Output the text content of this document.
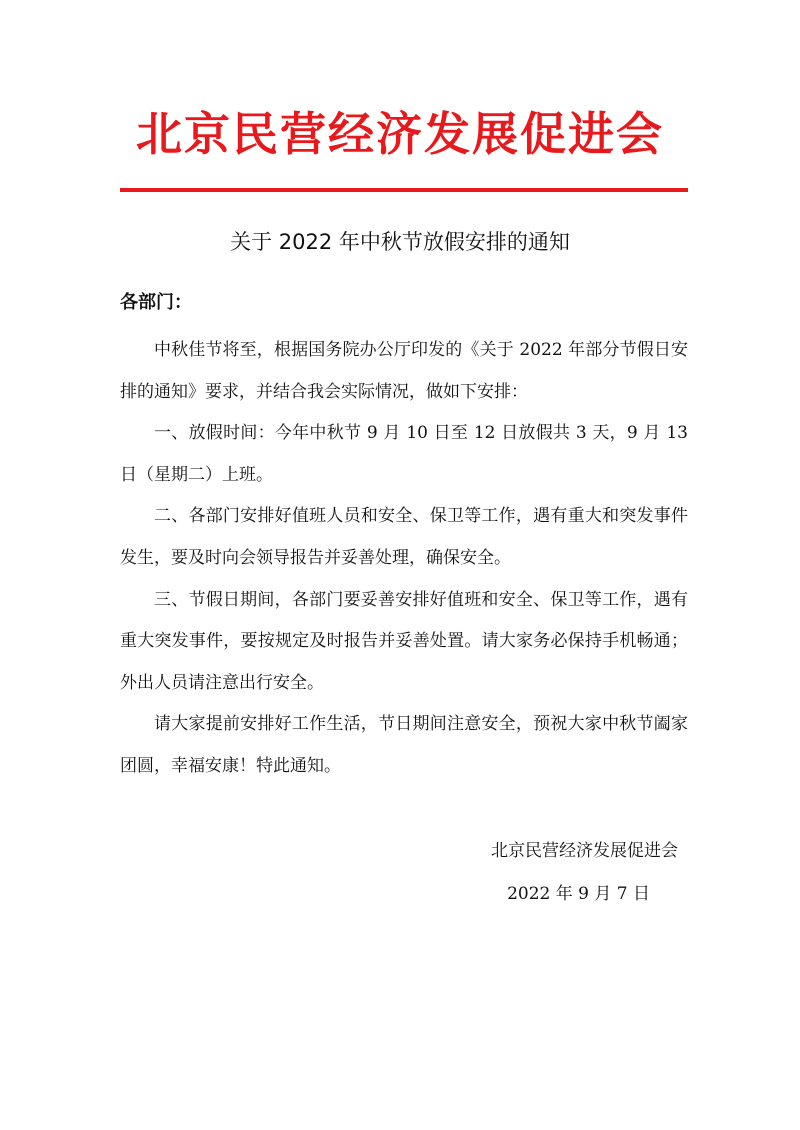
北京民营经济发展促进会
关于 2022 年中秋节放假安排的通知
各部门：

中秋佳节将至，根据国务院办公厅印发的《关于 2022 年部分节假日安排的通知》要求，并结合我会实际情况，做如下安排：

一、放假时间：今年中秋节 9 月 10 日至 12 日放假共 3 天，9 月 13 日（星期二）上班。

二、各部门安排好值班人员和安全、保卫等工作，遇有重大和突发事件发生，要及时向会领导报告并妥善处理，确保安全。

三、节假日期间，各部门要妥善安排好值班和安全、保卫等工作，遇有重大突发事件，要按规定及时报告并妥善处置。请大家务必保持手机畅通；外出人员请注意出行安全。

请大家提前安排好工作生活，节日期间注意安全，预祝大家中秋节阖家团圆，幸福安康！特此通知。

北京民营经济发展促进会
2022 年 9 月 7 日
